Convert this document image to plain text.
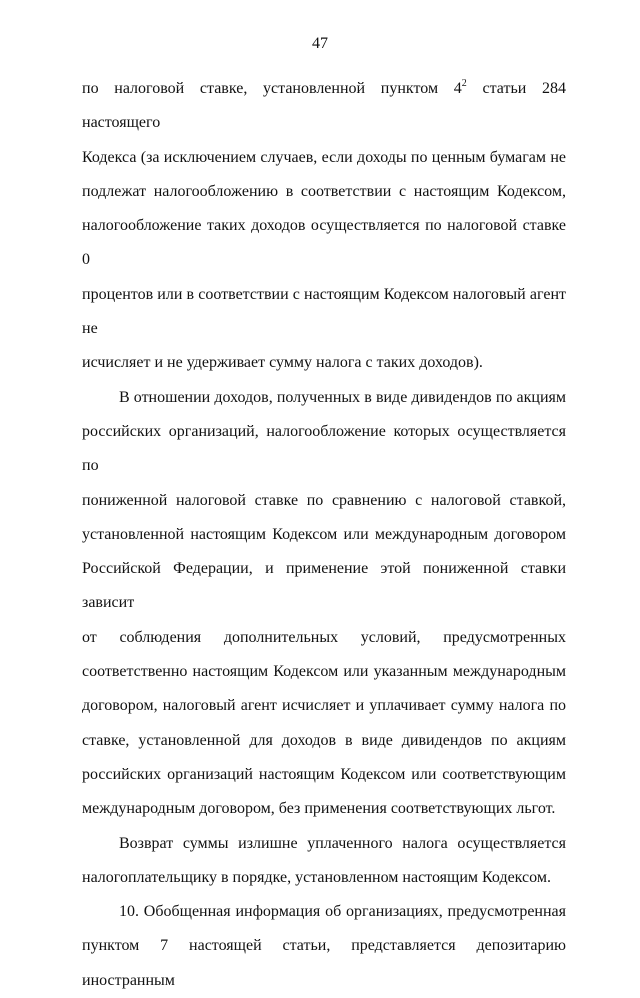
47

по налоговой ставке, установленной пунктом $4^2$ статьи 284 настоящего

Кодекса (за исключением случаев, если доходы по ценным бумагам не

подлежат налогообложению в соответствии с настоящим Кодексом,

налогообложение таких доходов осуществляется по налоговой ставке 0

процентов или в соответствии с настоящим Кодексом налоговый агент не

исчисляет и не удерживает сумму налога с таких доходов).

В отношении доходов, полученных в виде дивидендов по акциям

российских организаций, налогообложение которых осуществляется по

пониженной налоговой ставке по сравнению с налоговой ставкой,

установленной настоящим Кодексом или международным договором

Российской Федерации, и применение этой пониженной ставки зависит

от соблюдения дополнительных условий, предусмотренных

соответственно настоящим Кодексом или указанным международным

договором, налоговый агент исчисляет и уплачивает сумму налога по

ставке, установленной для доходов в виде дивидендов по акциям

российских организаций настоящим Кодексом или соответствующим

международным договором, без применения соответствующих льгот.

Возврат суммы излишне уплаченного налога осуществляется

налогоплательщику в порядке, установленном настоящим Кодексом.

10. Обобщенная информация об организациях, предусмотренная

пунктом 7 настоящей статьи, представляется депозитарию иностранным
